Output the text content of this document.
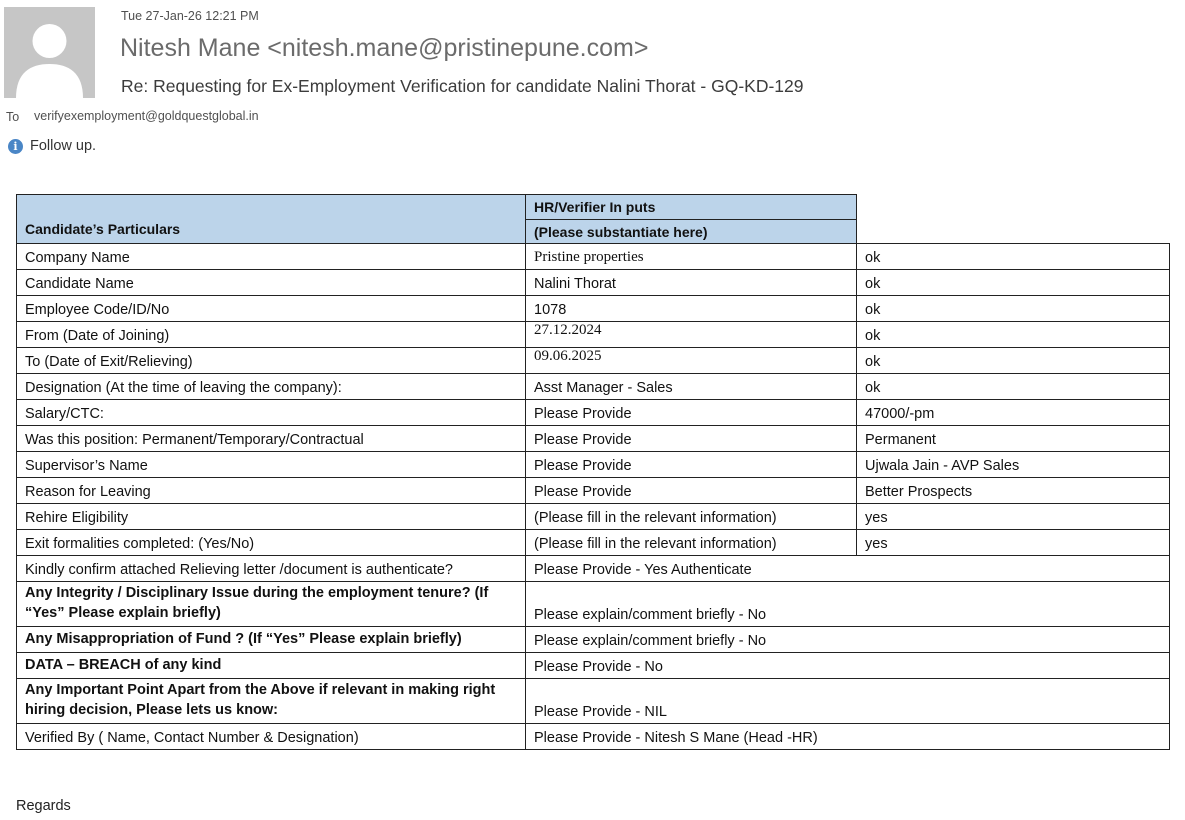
Tue 27-Jan-26 12:21 PM
Nitesh Mane <nitesh.mane@pristinepune.com>
Re: Requesting for Ex-Employment Verification for candidate Nalini Thorat - GQ-KD-129
To verifyexemployment@goldquestglobal.in
i Follow up.
Candidate’s Particulars	HR/Verifier In puts	
	(Please substantiate here)	
Company Name	Pristine properties	ok
Candidate Name	Nalini Thorat	ok
Employee Code/ID/No	1078	ok
From (Date of Joining)	27.12.2024	ok
To (Date of Exit/Relieving)	09.06.2025	ok
Designation (At the time of leaving the company):	Asst Manager - Sales	ok
Salary/CTC:	Please Provide	47000/-pm
Was this position: Permanent/Temporary/Contractual	Please Provide	Permanent
Supervisor’s Name	Please Provide	Ujwala Jain - AVP Sales
Reason for Leaving	Please Provide	Better Prospects
Rehire Eligibility	(Please fill in the relevant information)	yes
Exit formalities completed: (Yes/No)	(Please fill in the relevant information)	yes
Kindly confirm attached Relieving letter /document is authenticate?	Please Provide - Yes Authenticate	
Any Integrity / Disciplinary Issue during the employment tenure? (If “Yes” Please explain briefly)	Please explain/comment briefly - No	
Any Misappropriation of Fund ? (If “Yes” Please explain briefly)	Please explain/comment briefly - No	
DATA – BREACH of any kind	Please Provide - No	
Any Important Point Apart from the Above if relevant in making right hiring decision, Please lets us know:	Please Provide - NIL	
Verified By ( Name, Contact Number & Designation)	Please Provide - Nitesh S Mane (Head -HR)	
Regards
